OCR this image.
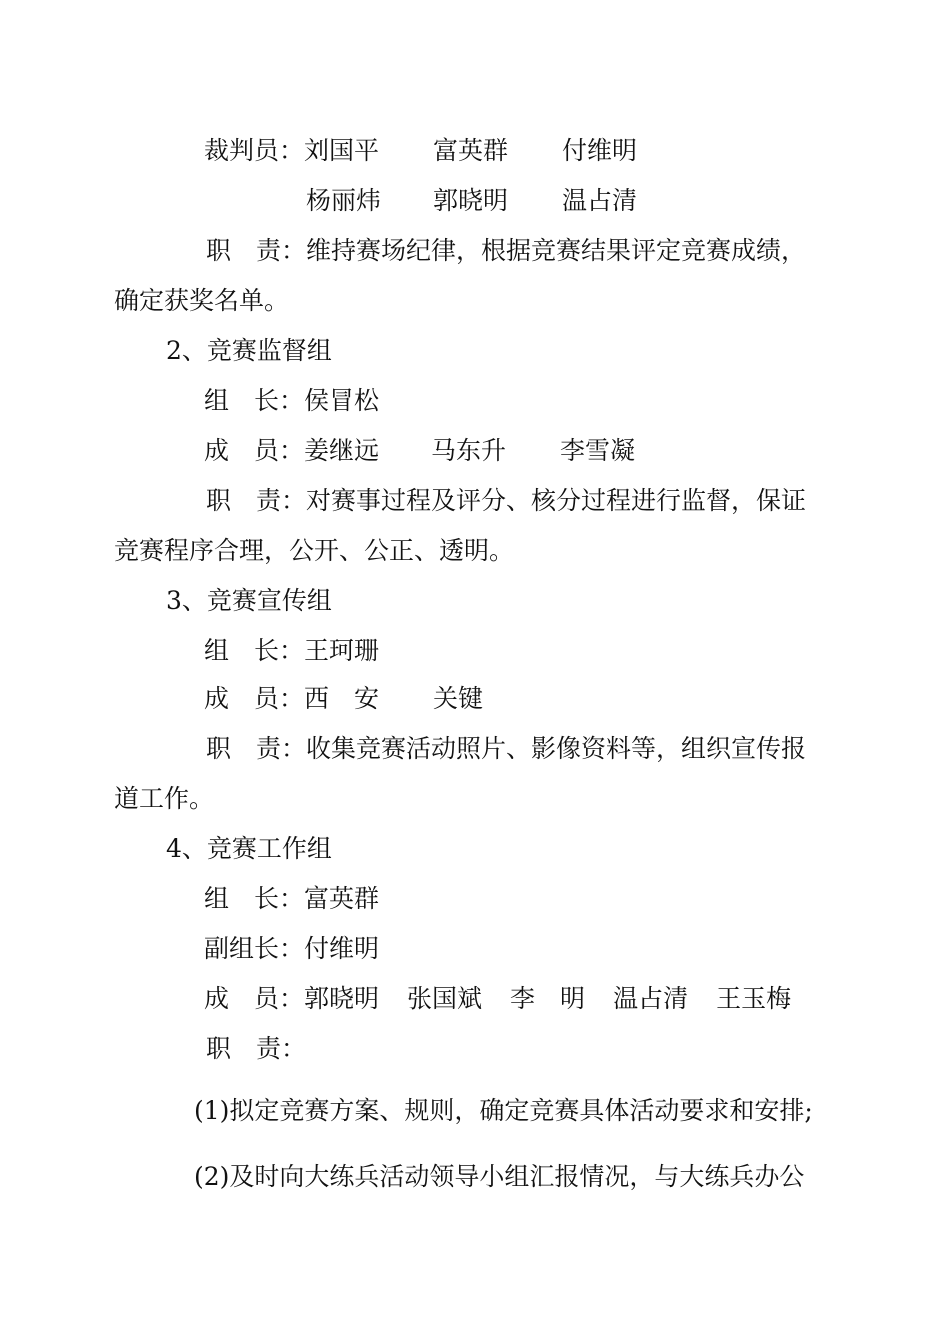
裁判员：刘国平 富英群 付维明

杨丽炜 郭晓明 温占清

职　责：维持赛场纪律，根据竞赛结果评定竞赛成绩，

确定获奖名单。

2、竞赛监督组

组　长：侯冒松

成　员：姜继远 马东升 李雪凝

职　责：对赛事过程及评分、核分过程进行监督，保证

竞赛程序合理，公开、公正、透明。

3、竞赛宣传组

组　长：王珂珊

成　员：西　安 关键

职　责：收集竞赛活动照片、影像资料等，组织宣传报

道工作。

4、竞赛工作组

组　长：富英群

副组长：付维明

成　员：郭晓明 张国斌 李　明 温占清 王玉梅

职　责：

(1)拟定竞赛方案、规则，确定竞赛具体活动要求和安排;

(2)及时向大练兵活动领导小组汇报情况，与大练兵办公
